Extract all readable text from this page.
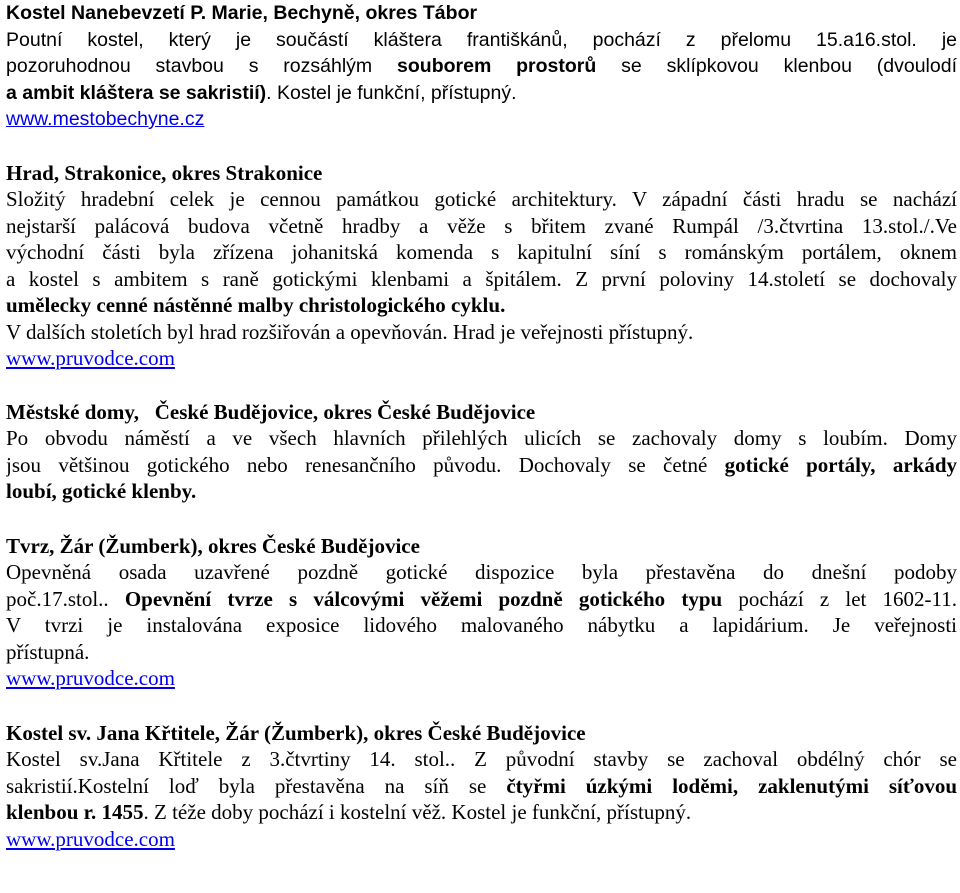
Kostel Nanebevzetí P. Marie, Bechyně, okres Tábor
Poutní kostel, který je součástí kláštera františkánů, pochází z přelomu 15.a16.stol. je
pozoruhodnou stavbou s rozsáhlým souborem prostorů se sklípkovou klenbou (dvoulodí
a ambit kláštera se sakristií). Kostel je funkční, přístupný.
www.mestobechyne.cz
Hrad, Strakonice, okres Strakonice
Složitý hradební celek je cennou památkou gotické architektury. V západní části hradu se nachází
nejstarší palácová budova včetně hradby a věže s břitem zvané Rumpál /3.čtvrtina 13.stol./.Ve
východní části byla zřízena johanitská komenda s kapitulní síní s románským portálem, oknem
a kostel s ambitem s raně gotickými klenbami a špitálem. Z první poloviny 14.století se dochovaly
umělecky cenné nástěnné malby christologického cyklu.
V dalších stoletích byl hrad rozšiřován a opevňován. Hrad je veřejnosti přístupný.
www.pruvodce.com
Městské domy, České Budějovice, okres České Budějovice
Po obvodu náměstí a ve všech hlavních přilehlých ulicích se zachovaly domy s loubím. Domy
jsou většinou gotického nebo renesančního původu. Dochovaly se četné gotické portály, arkády
loubí, gotické klenby.
Tvrz, Žár (Žumberk), okres České Budějovice
Opevněná osada uzavřené pozdně gotické dispozice byla přestavěna do dnešní podoby
poč.17.stol.. Opevnění tvrze s válcovými věžemi pozdně gotického typu pochází z let 1602-11.
V tvrzi je instalována exposice lidového malovaného nábytku a lapidárium. Je veřejnosti
přístupná.
www.pruvodce.com
Kostel sv. Jana Křtitele, Žár (Žumberk), okres České Budějovice
Kostel sv.Jana Křtitele z 3.čtvrtiny 14. stol.. Z původní stavby se zachoval obdélný chór se
sakristií.Kostelní loď byla přestavěna na síň se čtyřmi úzkými loděmi, zaklenutými síťovou
klenbou r. 1455. Z téže doby pochází i kostelní věž. Kostel je funkční, přístupný.
www.pruvodce.com
